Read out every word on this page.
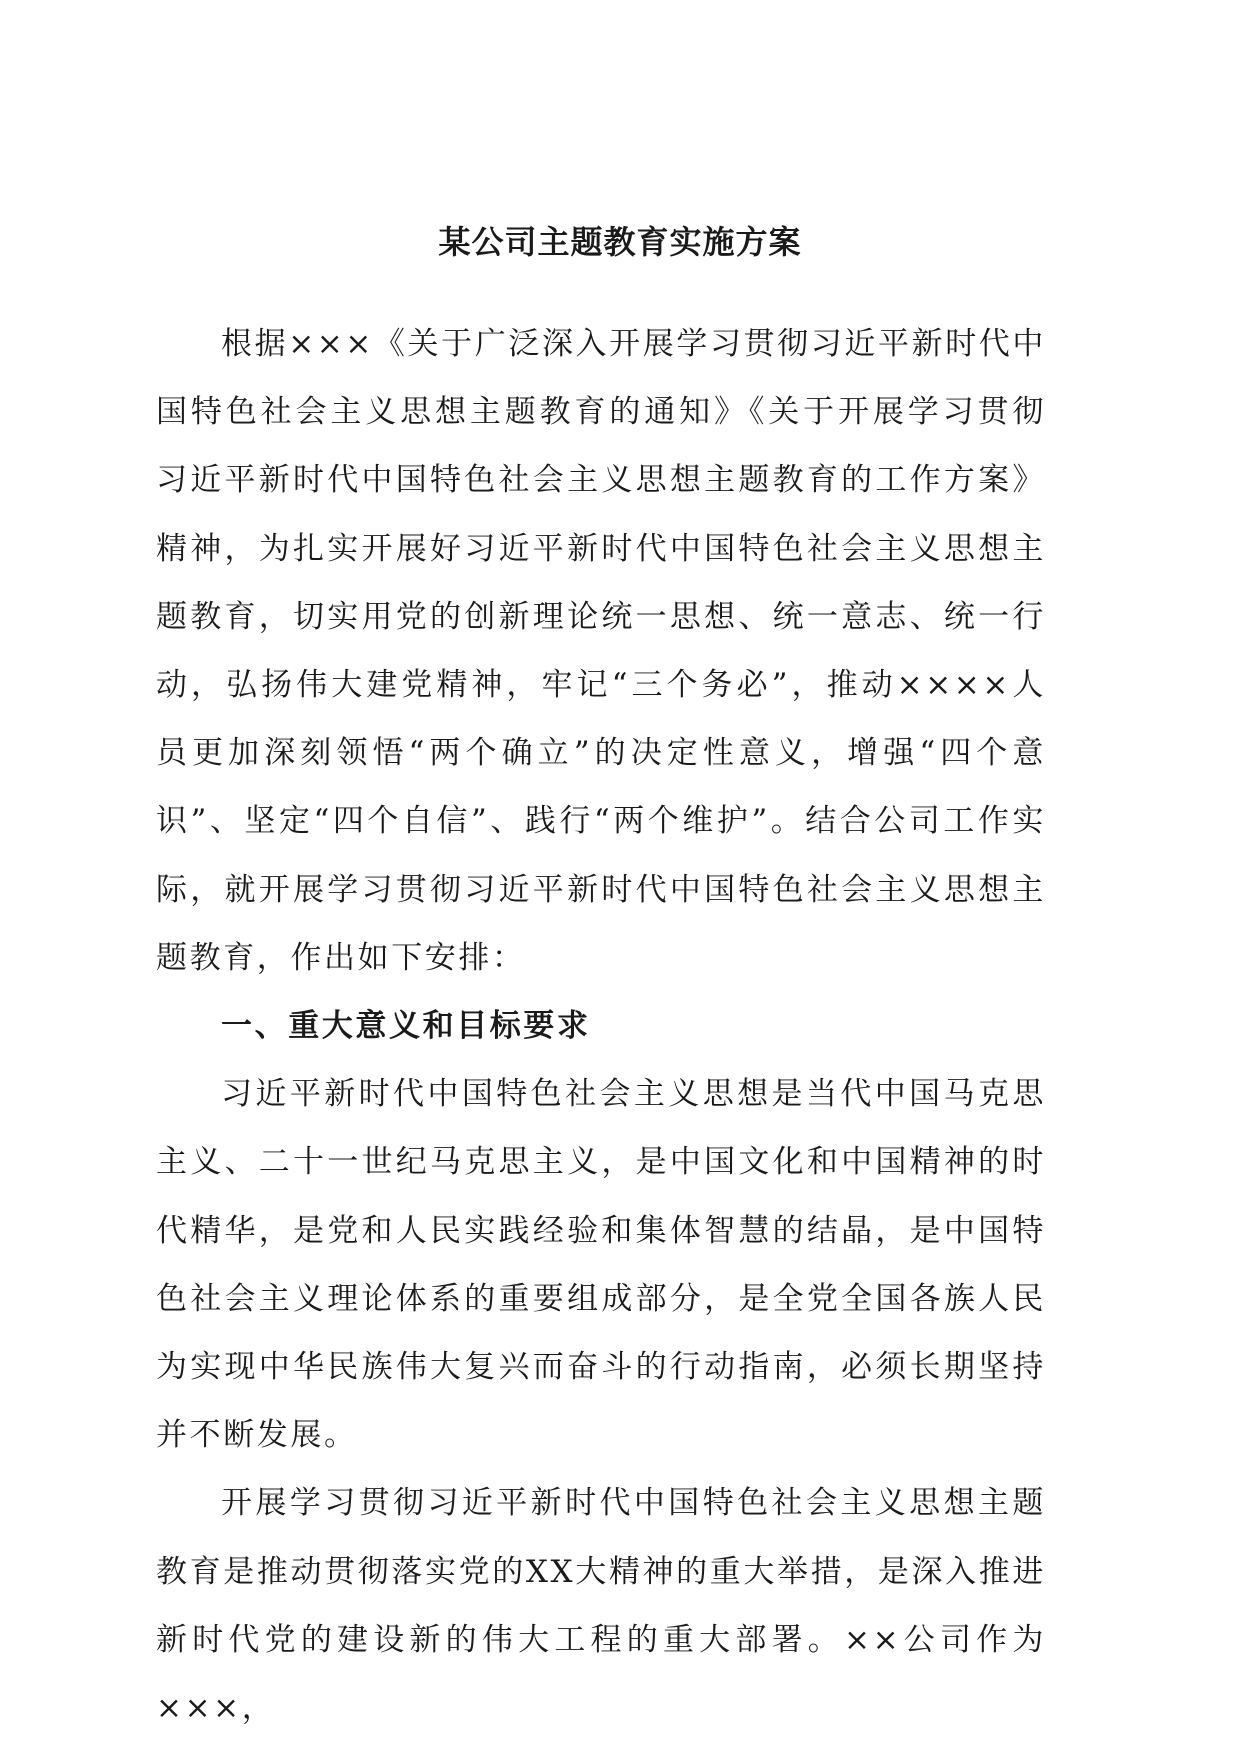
某公司主题教育实施方案

根据×××《关于广泛深入开展学习贯彻习近平新时代中国特色社会主义思想主题教育的通知》《关于开展学习贯彻习近平新时代中国特色社会主义思想主题教育的工作方案》精神，为扎实开展好习近平新时代中国特色社会主义思想主题教育，切实用党的创新理论统一思想、统一意志、统一行动，弘扬伟大建党精神，牢记“三个务必”，推动××××人员更加深刻领悟“两个确立”的决定性意义，增强“四个意识”、坚定“四个自信”、践行“两个维护”。结合公司工作实际，就开展学习贯彻习近平新时代中国特色社会主义思想主题教育，作出如下安排：

一、重大意义和目标要求

习近平新时代中国特色社会主义思想是当代中国马克思主义、二十一世纪马克思主义，是中国文化和中国精神的时代精华，是党和人民实践经验和集体智慧的结晶，是中国特色社会主义理论体系的重要组成部分，是全党全国各族人民为实现中华民族伟大复兴而奋斗的行动指南，必须长期坚持并不断发展。

开展学习贯彻习近平新时代中国特色社会主义思想主题教育是推动贯彻落实党的XX大精神的重大举措，是深入推进新时代党的建设新的伟大工程的重大部署。××公司作为×××，
